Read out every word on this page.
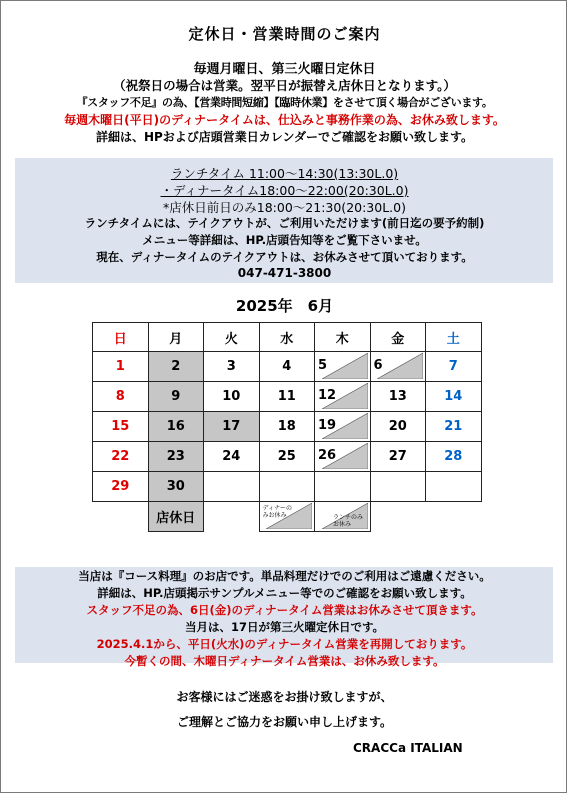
定休日・営業時間のご案内
毎週月曜日、第三火曜日定休日
（祝祭日の場合は営業。翌平日が振替え店休日となります。）
『スタッフ不足』の為、【営業時間短縮】【臨時休業】をさせて頂く場合がございます。
毎週木曜日(平日)のディナータイムは、仕込みと事務作業の為、お休み致します。
詳細は、HPおよび店頭営業日カレンダーでご確認をお願い致します。
ランチタイム 11:00～14:30(13:30L.0)
・ディナータイム18:00～22:00(20:30L.0)
*店休日前日のみ18:00～21:30(20:30L.0)
ランチタイムには、テイクアウトが、ご利用いただけます(前日迄の要予約制)
メニュー等詳細は、HP.店頭告知等をご覧下さいませ。
現在、ディナータイムのテイクアウトは、お休みさせて頂いております。
047-471-3800
2025年　6月
日	月	火	水	木	金	土
1	2	3	4	5	6	7
8	9	10	11	12	13	14
15	16	17	18	19	20	21
22	23	24	25	26	27	28
29	30					
	店休日		ディナーのみお休み	ランチのみお休み		

当店は『コース料理』のお店です。単品料理だけでのご利用はご遠慮ください。
詳細は、HP.店頭掲示サンプルメニュー等でのご確認をお願い致します。
スタッフ不足の為、6日(金)のディナータイム営業はお休みさせて頂きます。
当月は、17日が第三火曜定休日です。
2025.4.1から、平日(火水)のディナータイム営業を再開しております。
今暫くの間、木曜日ディナータイム営業は、お休み致します。
お客様にはご迷惑をお掛け致しますが、
ご理解とご協力をお願い申し上げます。
CRACCa ITALIAN
